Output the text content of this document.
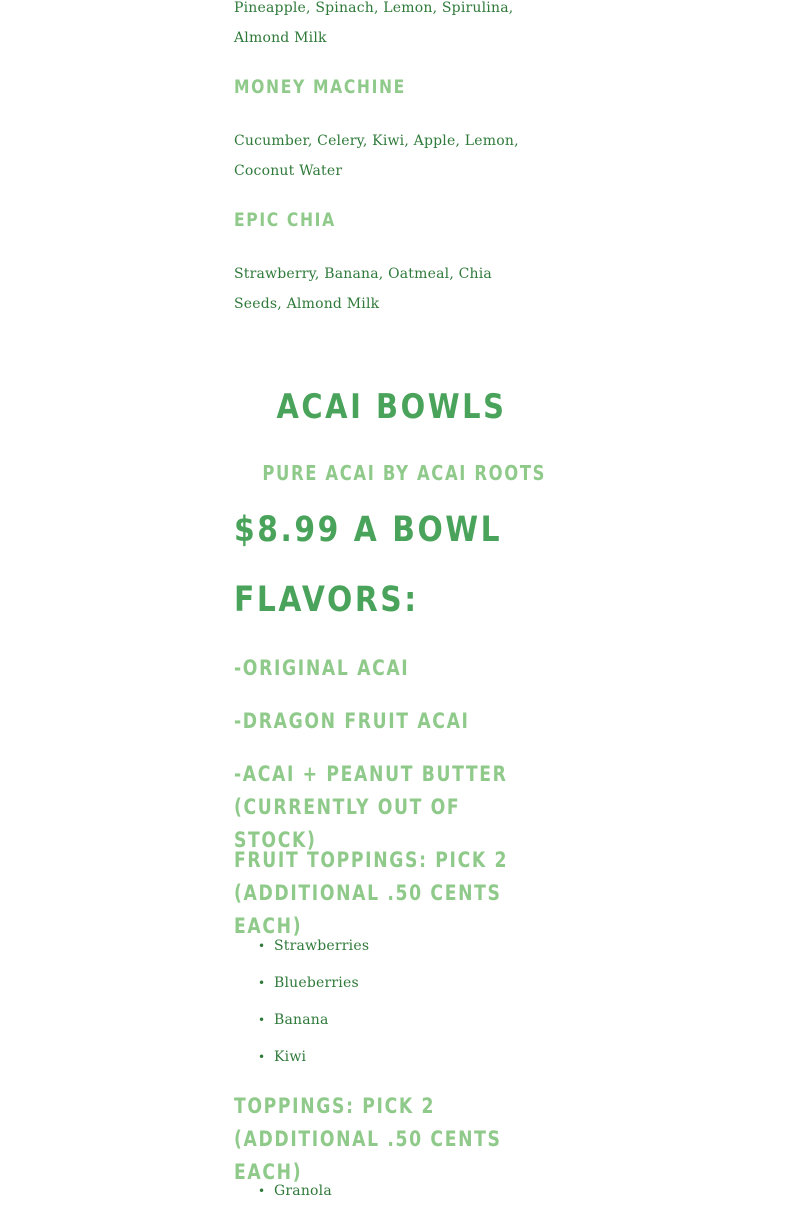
Pineapple, Spinach, Lemon, Spirulina, Almond Milk

MONEY MACHINE

Cucumber, Celery, Kiwi, Apple, Lemon, Coconut Water

EPIC CHIA

Strawberry, Banana, Oatmeal, Chia Seeds, Almond Milk

ACAI BOWLS
PURE ACAI BY ACAI ROOTS
$8.99 A BOWL
FLAVORS:
-ORIGINAL ACAI
-DRAGON FRUIT ACAI
-ACAI + PEANUT BUTTER (CURRENTLY OUT OF STOCK)
FRUIT TOPPINGS: PICK 2 (ADDITIONAL .50 CENTS EACH)
• Strawberries
• Blueberries
• Banana
• Kiwi
TOPPINGS: PICK 2 (ADDITIONAL .50 CENTS EACH)
• Granola
